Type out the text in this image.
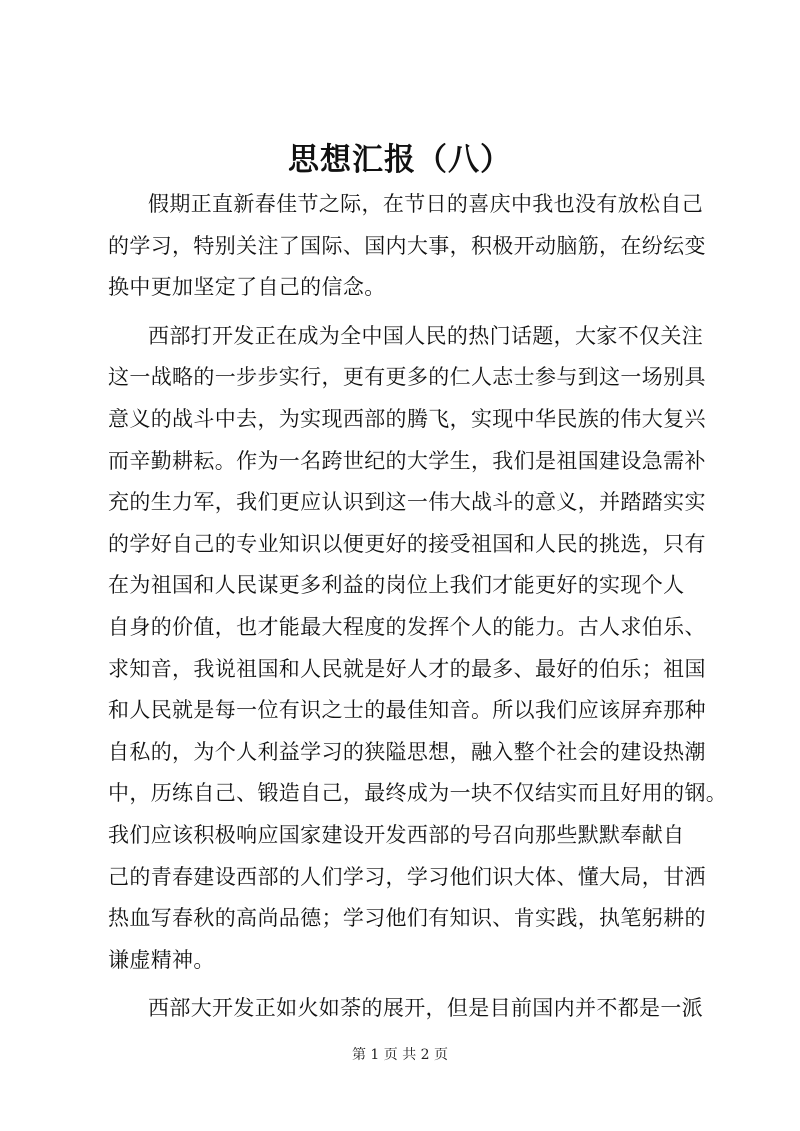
思想汇报（八）
假期正直新春佳节之际，在节日的喜庆中我也没有放松自己
的学习，特别关注了国际、国内大事，积极开动脑筋，在纷纭变
换中更加坚定了自己的信念。
西部打开发正在成为全中国人民的热门话题，大家不仅关注
这一战略的一步步实行，更有更多的仁人志士参与到这一场别具
意义的战斗中去，为实现西部的腾飞，实现中华民族的伟大复兴
而辛勤耕耘。作为一名跨世纪的大学生，我们是祖国建设急需补
充的生力军，我们更应认识到这一伟大战斗的意义，并踏踏实实
的学好自己的专业知识以便更好的接受祖国和人民的挑选，只有
在为祖国和人民谋更多利益的岗位上我们才能更好的实现个人
自身的价值，也才能最大程度的发挥个人的能力。古人求伯乐、
求知音，我说祖国和人民就是好人才的最多、最好的伯乐；祖国
和人民就是每一位有识之士的最佳知音。所以我们应该屏弃那种
自私的，为个人利益学习的狭隘思想，融入整个社会的建设热潮
中，历练自己、锻造自己，最终成为一块不仅结实而且好用的钢。
我们应该积极响应国家建设开发西部的号召向那些默默奉献自
己的青春建设西部的人们学习，学习他们识大体、懂大局，甘洒
热血写春秋的高尚品德；学习他们有知识、肯实践，执笔躬耕的
谦虚精神。
西部大开发正如火如荼的展开，但是目前国内并不都是一派
第 1 页 共 2 页
